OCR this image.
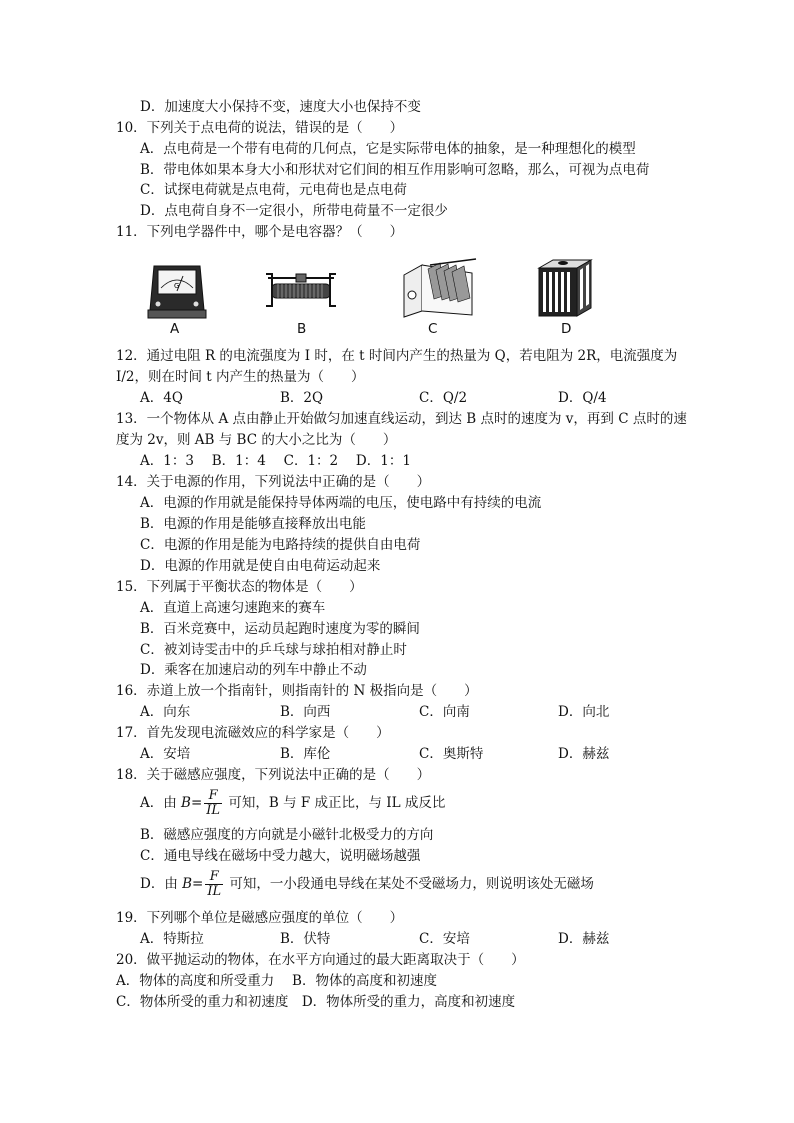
D．加速度大小保持不变，速度大小也保持不变
10．下列关于点电荷的说法，错误的是（　　）
A．点电荷是一个带有电荷的几何点，它是实际带电体的抽象，是一种理想化的模型
B．带电体如果本身大小和形状对它们间的相互作用影响可忽略，那么，可视为点电荷
C．试探电荷就是点电荷，元电荷也是点电荷
D．点电荷自身不一定很小，所带电荷量不一定很少
11．下列电学器件中，哪个是电容器？（　　）
G
A	B	C	D
12．通过电阻 R 的电流强度为 I 时，在 t 时间内产生的热量为 Q，若电阻为 2R，电流强度为
I/2，则在时间 t 内产生的热量为（　　）
A．4Q	B．2Q	C．Q/2	D．Q/4
13．一个物体从 A 点由静止开始做匀加速直线运动，到达 B 点时的速度为 v，再到 C 点时的速
度为 2v，则 AB 与 BC 的大小之比为（　　）
A．1：3　 B．1：4　 C．1：2　 D．1：1
14．关于电源的作用，下列说法中正确的是（　　）
A．电源的作用就是能保持导体两端的电压，使电路中有持续的电流
B．电源的作用是能够直接释放出电能
C．电源的作用是能为电路持续的提供自由电荷
D．电源的作用就是使自由电荷运动起来
15．下列属于平衡状态的物体是（　　）
A．直道上高速匀速跑来的赛车
B．百米竞赛中，运动员起跑时速度为零的瞬间
C．被刘诗雯击中的乒乓球与球拍相对静止时
D．乘客在加速启动的列车中静止不动
16．赤道上放一个指南针，则指南针的 N 极指向是（　　）
A．向东	B．向西	C．向南	D．向北
17．首先发现电流磁效应的科学家是（　　）
A．安培	B．库伦	C．奥斯特	D．赫兹
18．关于磁感应强度，下列说法中正确的是（　　）
A．由 $B= \frac{F}{IL}$ 可知，B 与 F 成正比，与 IL 成反比
B．磁感应强度的方向就是小磁针北极受力的方向
C．通电导线在磁场中受力越大，说明磁场越强
D．由 $B= \frac{F}{IL}$ 可知，一小段通电导线在某处不受磁场力，则说明该处无磁场
19．下列哪个单位是磁感应强度的单位（　　）
A．特斯拉	B．伏特	C．安培	D．赫兹
20．做平抛运动的物体，在水平方向通过的最大距离取决于（　　）
A．物体的高度和所受重力　 B．物体的高度和初速度
C．物体所受的重力和初速度　D．物体所受的重力，高度和初速度
